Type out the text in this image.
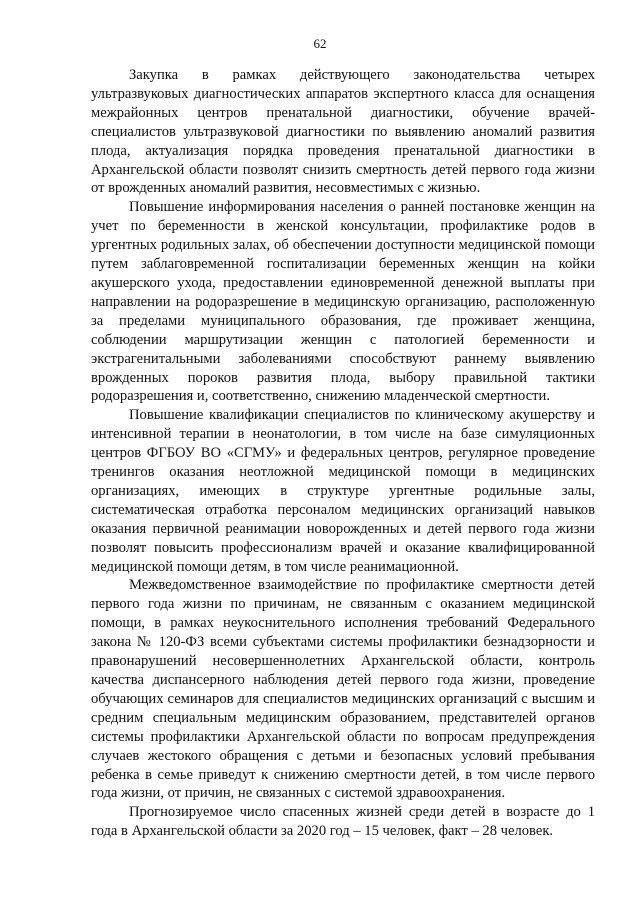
62

Закупка в рамках действующего законодательства четырех ультразвуковых диагностических аппаратов экспертного класса для оснащения межрайонных центров пренатальной диагностики, обучение врачей-специалистов ультразвуковой диагностики по выявлению аномалий развития плода, актуализация порядка проведения пренатальной диагностики в Архангельской области позволят снизить смертность детей первого года жизни от врожденных аномалий развития, несовместимых с жизнью.

Повышение информирования населения о ранней постановке женщин на учет по беременности в женской консультации, профилактике родов в ургентных родильных залах, об обеспечении доступности медицинской помощи путем заблаговременной госпитализации беременных женщин на койки акушерского ухода, предоставлении единовременной денежной выплаты при направлении на родоразрешение в медицинскую организацию, расположенную за пределами муниципального образования, где проживает женщина, соблюдении маршрутизации женщин с патологией беременности и экстрагенитальными заболеваниями способствуют раннему выявлению врожденных пороков развития плода, выбору правильной тактики родоразрешения и, соответственно, снижению младенческой смертности.

Повышение квалификации специалистов по клиническому акушерству и интенсивной терапии в неонатологии, в том числе на базе симуляционных центров ФГБОУ ВО «СГМУ» и федеральных центров, регулярное проведение тренингов оказания неотложной медицинской помощи в медицинских организациях, имеющих в структуре ургентные родильные залы, систематическая отработка персоналом медицинских организаций навыков оказания первичной реанимации новорожденных и детей первого года жизни позволят повысить профессионализм врачей и оказание квалифицированной медицинской помощи детям, в том числе реанимационной.

Межведомственное взаимодействие по профилактике смертности детей первого года жизни по причинам, не связанным с оказанием медицинской помощи, в рамках неукоснительного исполнения требований Федерального закона № 120-ФЗ всеми субъектами системы профилактики безнадзорности и правонарушений несовершеннолетних Архангельской области, контроль качества диспансерного наблюдения детей первого года жизни, проведение обучающих семинаров для специалистов медицинских организаций с высшим и средним специальным медицинским образованием, представителей органов системы профилактики Архангельской области по вопросам предупреждения случаев жестокого обращения с детьми и безопасных условий пребывания ребенка в семье приведут к снижению смертности детей, в том числе первого года жизни, от причин, не связанных с системой здравоохранения.

Прогнозируемое число спасенных жизней среди детей в возрасте до 1 года в Архангельской области за 2020 год – 15 человек, факт – 28 человек.
